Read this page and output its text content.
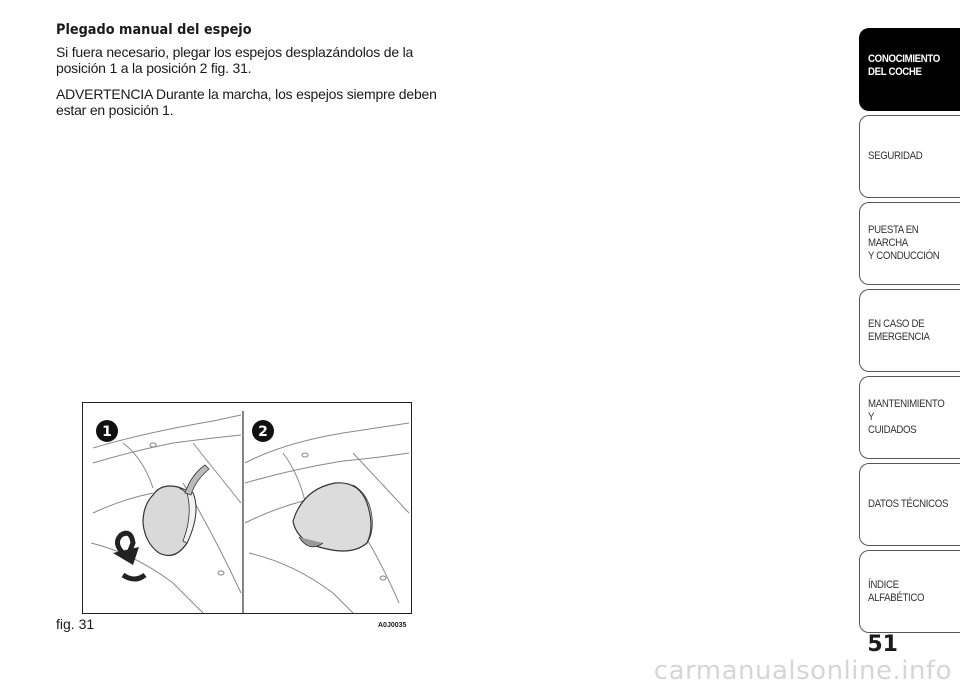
Plegado manual del espejo

Si fuera necesario, plegar los espejos desplazándolos de la posición 1 a la posición 2 fig. 31.

ADVERTENCIA Durante la marcha, los espejos siempre deben estar en posición 1.

1	2
fig. 31	A0J0035
CONOCIMIENTO
DEL COCHE
SEGURIDAD
PUESTA EN MARCHA
Y CONDUCCIÓN
EN CASO DE
EMERGENCIA
MANTENIMIENTO Y
CUIDADOS
DATOS TÉCNICOS
ÍNDICE ALFABÉTICO
51
carmanualsonline.info
